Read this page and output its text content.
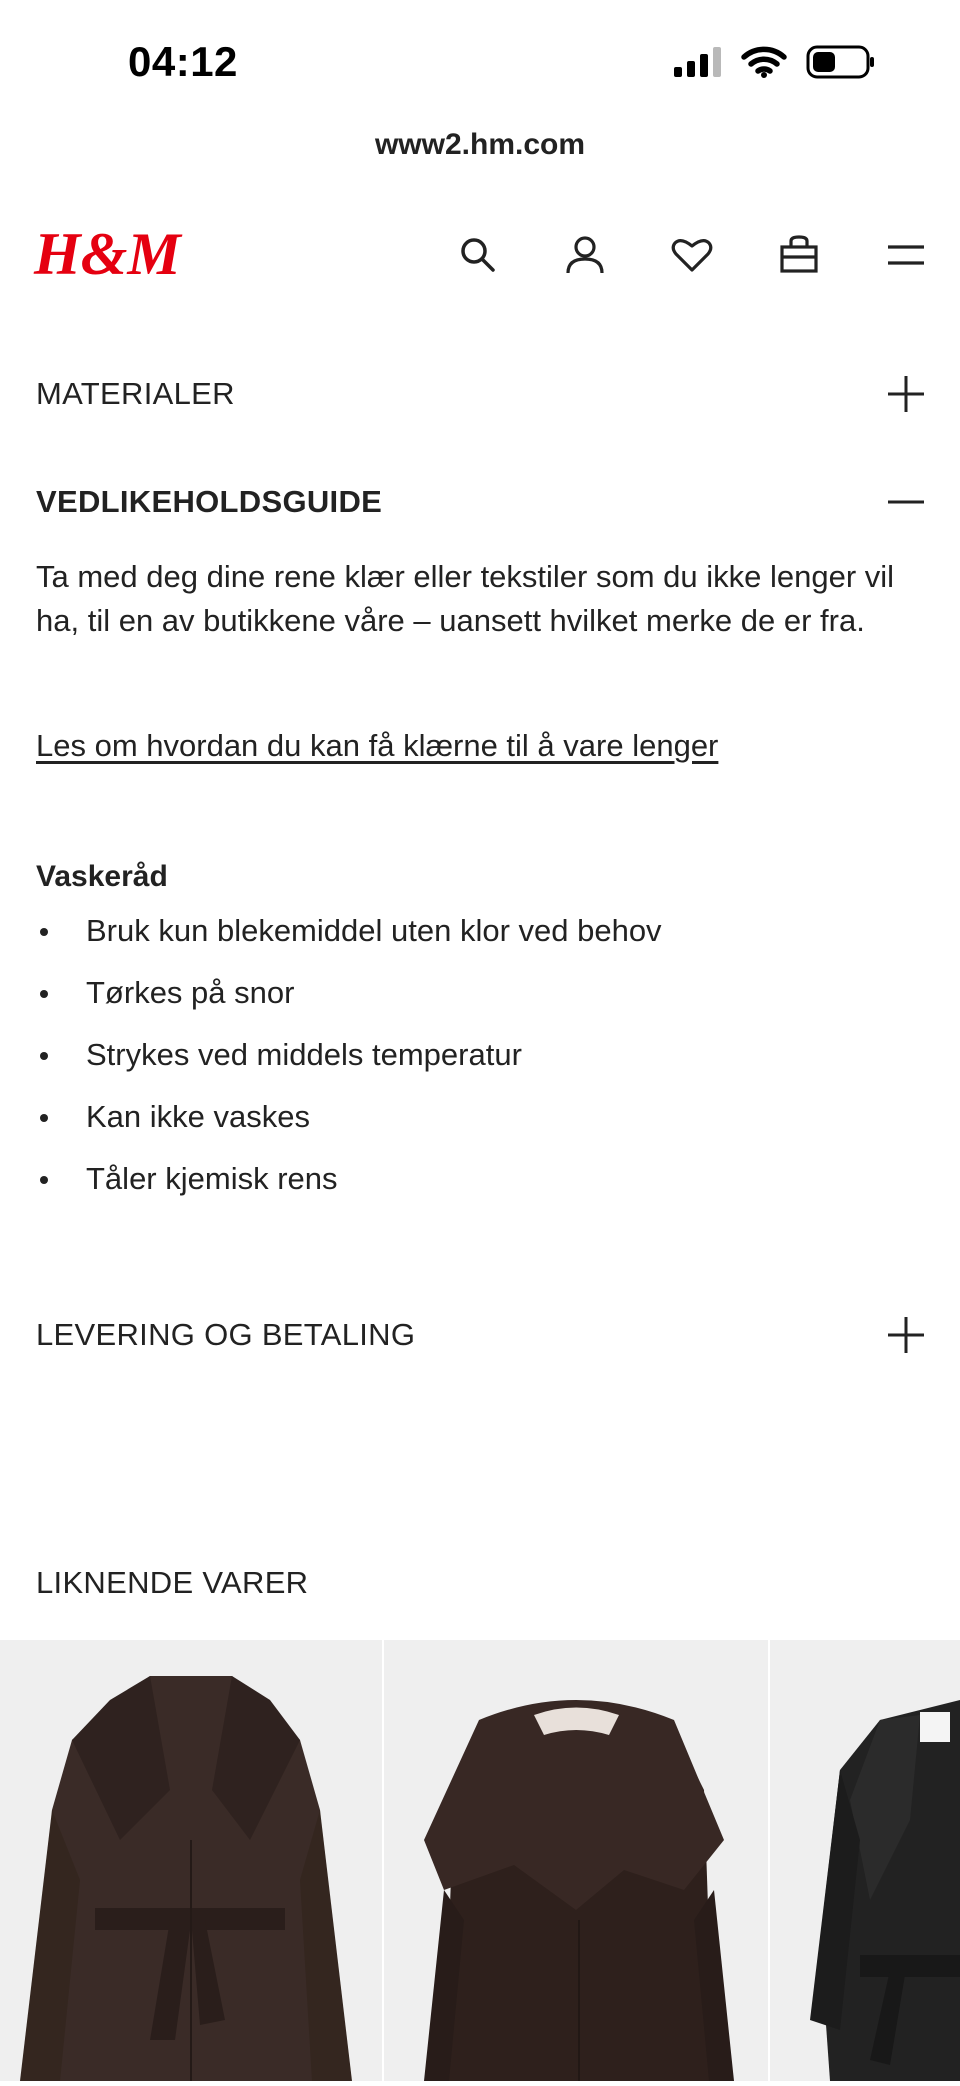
04:12
www2.hm.com
H&M
MATERIALER
VEDLIKEHOLDSGUIDE
Ta med deg dine rene klær eller tekstiler som du ikke lenger vil ha, til en av butikkene våre – uansett hvilket merke de er fra.
Les om hvordan du kan få klærne til å vare lenger
Vaskeråd
Bruk kun blekemiddel uten klor ved behov
Tørkes på snor
Strykes ved middels temperatur
Kan ikke vaskes
Tåler kjemisk rens
LEVERING OG BETALING
LIKNENDE VARER
